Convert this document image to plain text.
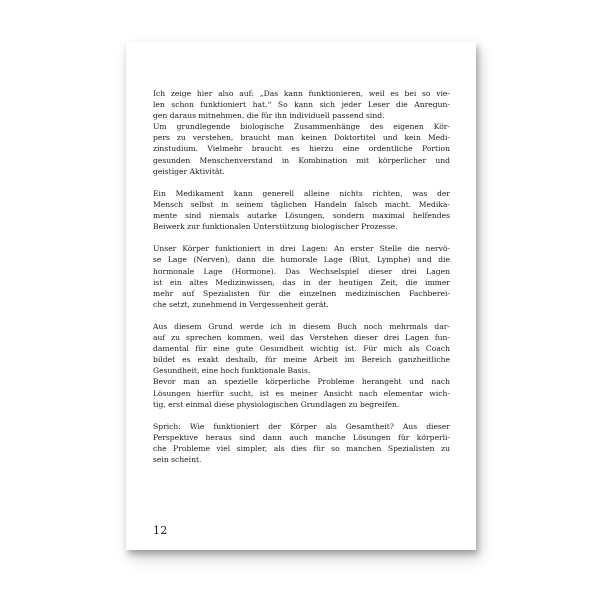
Ich zeige hier also auf: „Das kann funktionieren, weil es bei so vie-
len schon funktioniert hat.“ So kann sich jeder Leser die Anregun-
gen daraus mitnehmen, die für ihn individuell passend sind.
Um grundlegende biologische Zusammenhänge des eigenen Kör-
pers zu verstehen, braucht man keinen Doktortitel und kein Medi-
zinstudium. Vielmehr braucht es hierzu eine ordentliche Portion
gesunden Menschenverstand in Kombination mit körperlicher und
geistiger Aktivität.
Ein Medikament kann generell alleine nichts richten, was der
Mensch selbst in seinem täglichen Handeln falsch macht. Medika-
mente sind niemals autarke Lösungen, sondern maximal helfendes
Beiwerk zur funktionalen Unterstützung biologischer Prozesse.
Unser Körper funktioniert in drei Lagen: An erster Stelle die nervö-
se Lage (Nerven), dann die humorale Lage (Blut, Lymphe) und die
hormonale Lage (Hormone). Das Wechselspiel dieser drei Lagen
ist ein altes Medizinwissen, das in der heutigen Zeit, die immer
mehr auf Spezialisten für die einzelnen medizinischen Fachberei-
che setzt, zunehmend in Vergessenheit gerät.
Aus diesem Grund werde ich in diesem Buch noch mehrmals dar-
auf zu sprechen kommen, weil das Verstehen dieser drei Lagen fun-
damental für eine gute Gesundheit wichtig ist. Für mich als Coach
bildet es exakt deshalb, für meine Arbeit im Bereich ganzheitliche
Gesundheit, eine hoch funktionale Basis.
Bevor man an spezielle körperliche Probleme herangeht und nach
Lösungen hierfür sucht, ist es meiner Ansicht nach elementar wich-
tig, erst einmal diese physiologischen Grundlagen zu begreifen.
Sprich: Wie funktioniert der Körper als Gesamtheit? Aus dieser
Perspektive heraus sind dann auch manche Lösungen für körperli-
che Probleme viel simpler, als dies für so manchen Spezialisten zu
sein scheint.
12
